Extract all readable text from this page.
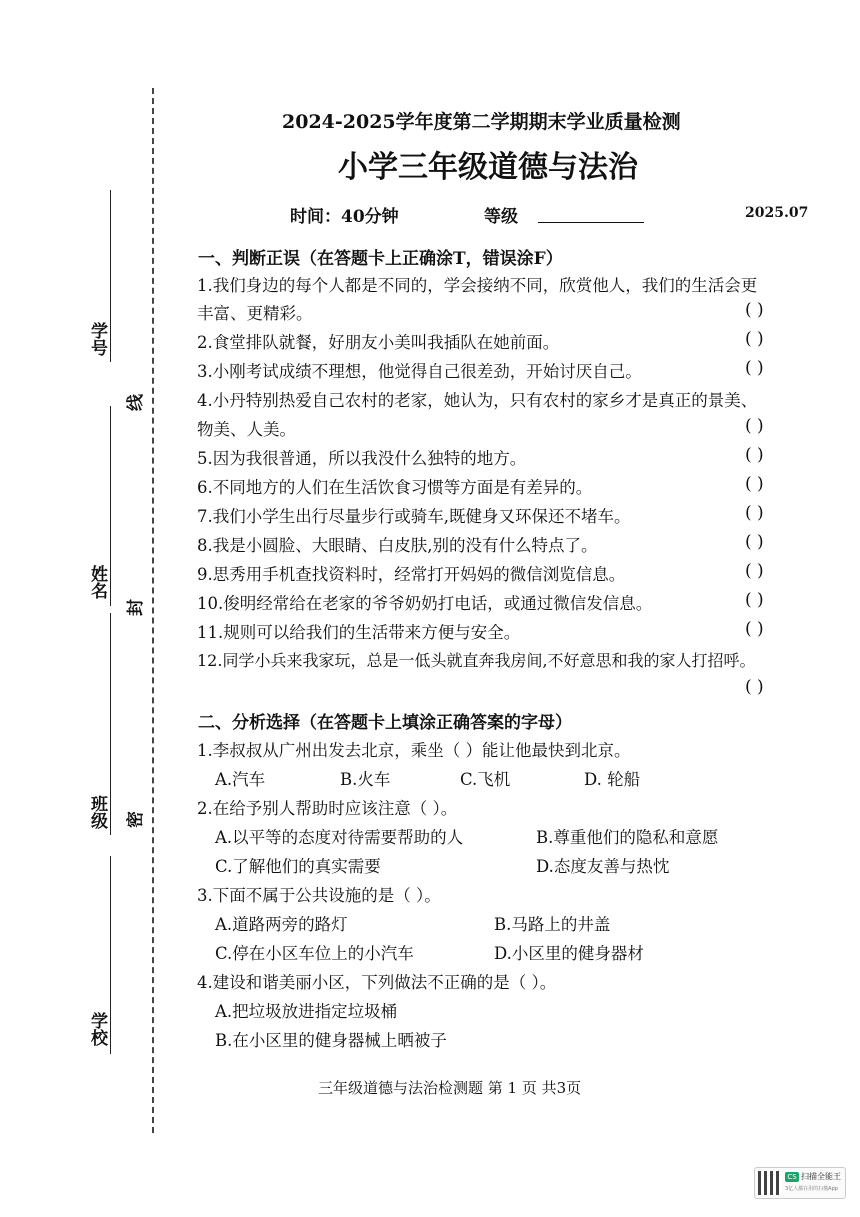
学校
班级
姓名
学号
密
封
线
2024-2025学年度第二学期期末学业质量检测
小学三年级道德与法治
时间：40分钟	等级	2025.07
一、判断正误（在答题卡上正确涂T，错误涂F）
1.我们身边的每个人都是不同的，学会接纳不同，欣赏他人，我们的生活会更
丰富、更精彩。	( )
2.食堂排队就餐，好朋友小美叫我插队在她前面。	( )
3.小刚考试成绩不理想，他觉得自己很差劲，开始讨厌自己。	( )
4.小丹特别热爱自己农村的老家，她认为，只有农村的家乡才是真正的景美、
物美、人美。	( )
5.因为我很普通，所以我没什么独特的地方。	( )
6.不同地方的人们在生活饮食习惯等方面是有差异的。	( )
7.我们小学生出行尽量步行或骑车,既健身又环保还不堵车。	( )
8.我是小圆脸、大眼睛、白皮肤,别的没有什么特点了。	( )
9.思秀用手机查找资料时，经常打开妈妈的微信浏览信息。	( )
10.俊明经常给在老家的爷爷奶奶打电话，或通过微信发信息。	( )
11.规则可以给我们的生活带来方便与安全。	( )
12.同学小兵来我家玩，总是一低头就直奔我房间,不好意思和我的家人打招呼。
( )
二、分析选择（在答题卡上填涂正确答案的字母）
1.李叔叔从广州出发去北京，乘坐（ ）能让他最快到北京。
A.汽车	B.火车	C.飞机	D. 轮船
2.在给予别人帮助时应该注意（ ）。
A.以平等的态度对待需要帮助的人	B.尊重他们的隐私和意愿
C.了解他们的真实需要	D.态度友善与热忱
3.下面不属于公共设施的是（ ）。
A.道路两旁的路灯	B.马路上的井盖
C.停在小区车位上的小汽车	D.小区里的健身器材
4.建设和谐美丽小区，下列做法不正确的是（ ）。
A.把垃圾放进指定垃圾桶
B.在小区里的健身器械上晒被子
三年级道德与法治检测题 第 1 页 共3页
CS 扫描全能王
3亿人都在用的扫描App
